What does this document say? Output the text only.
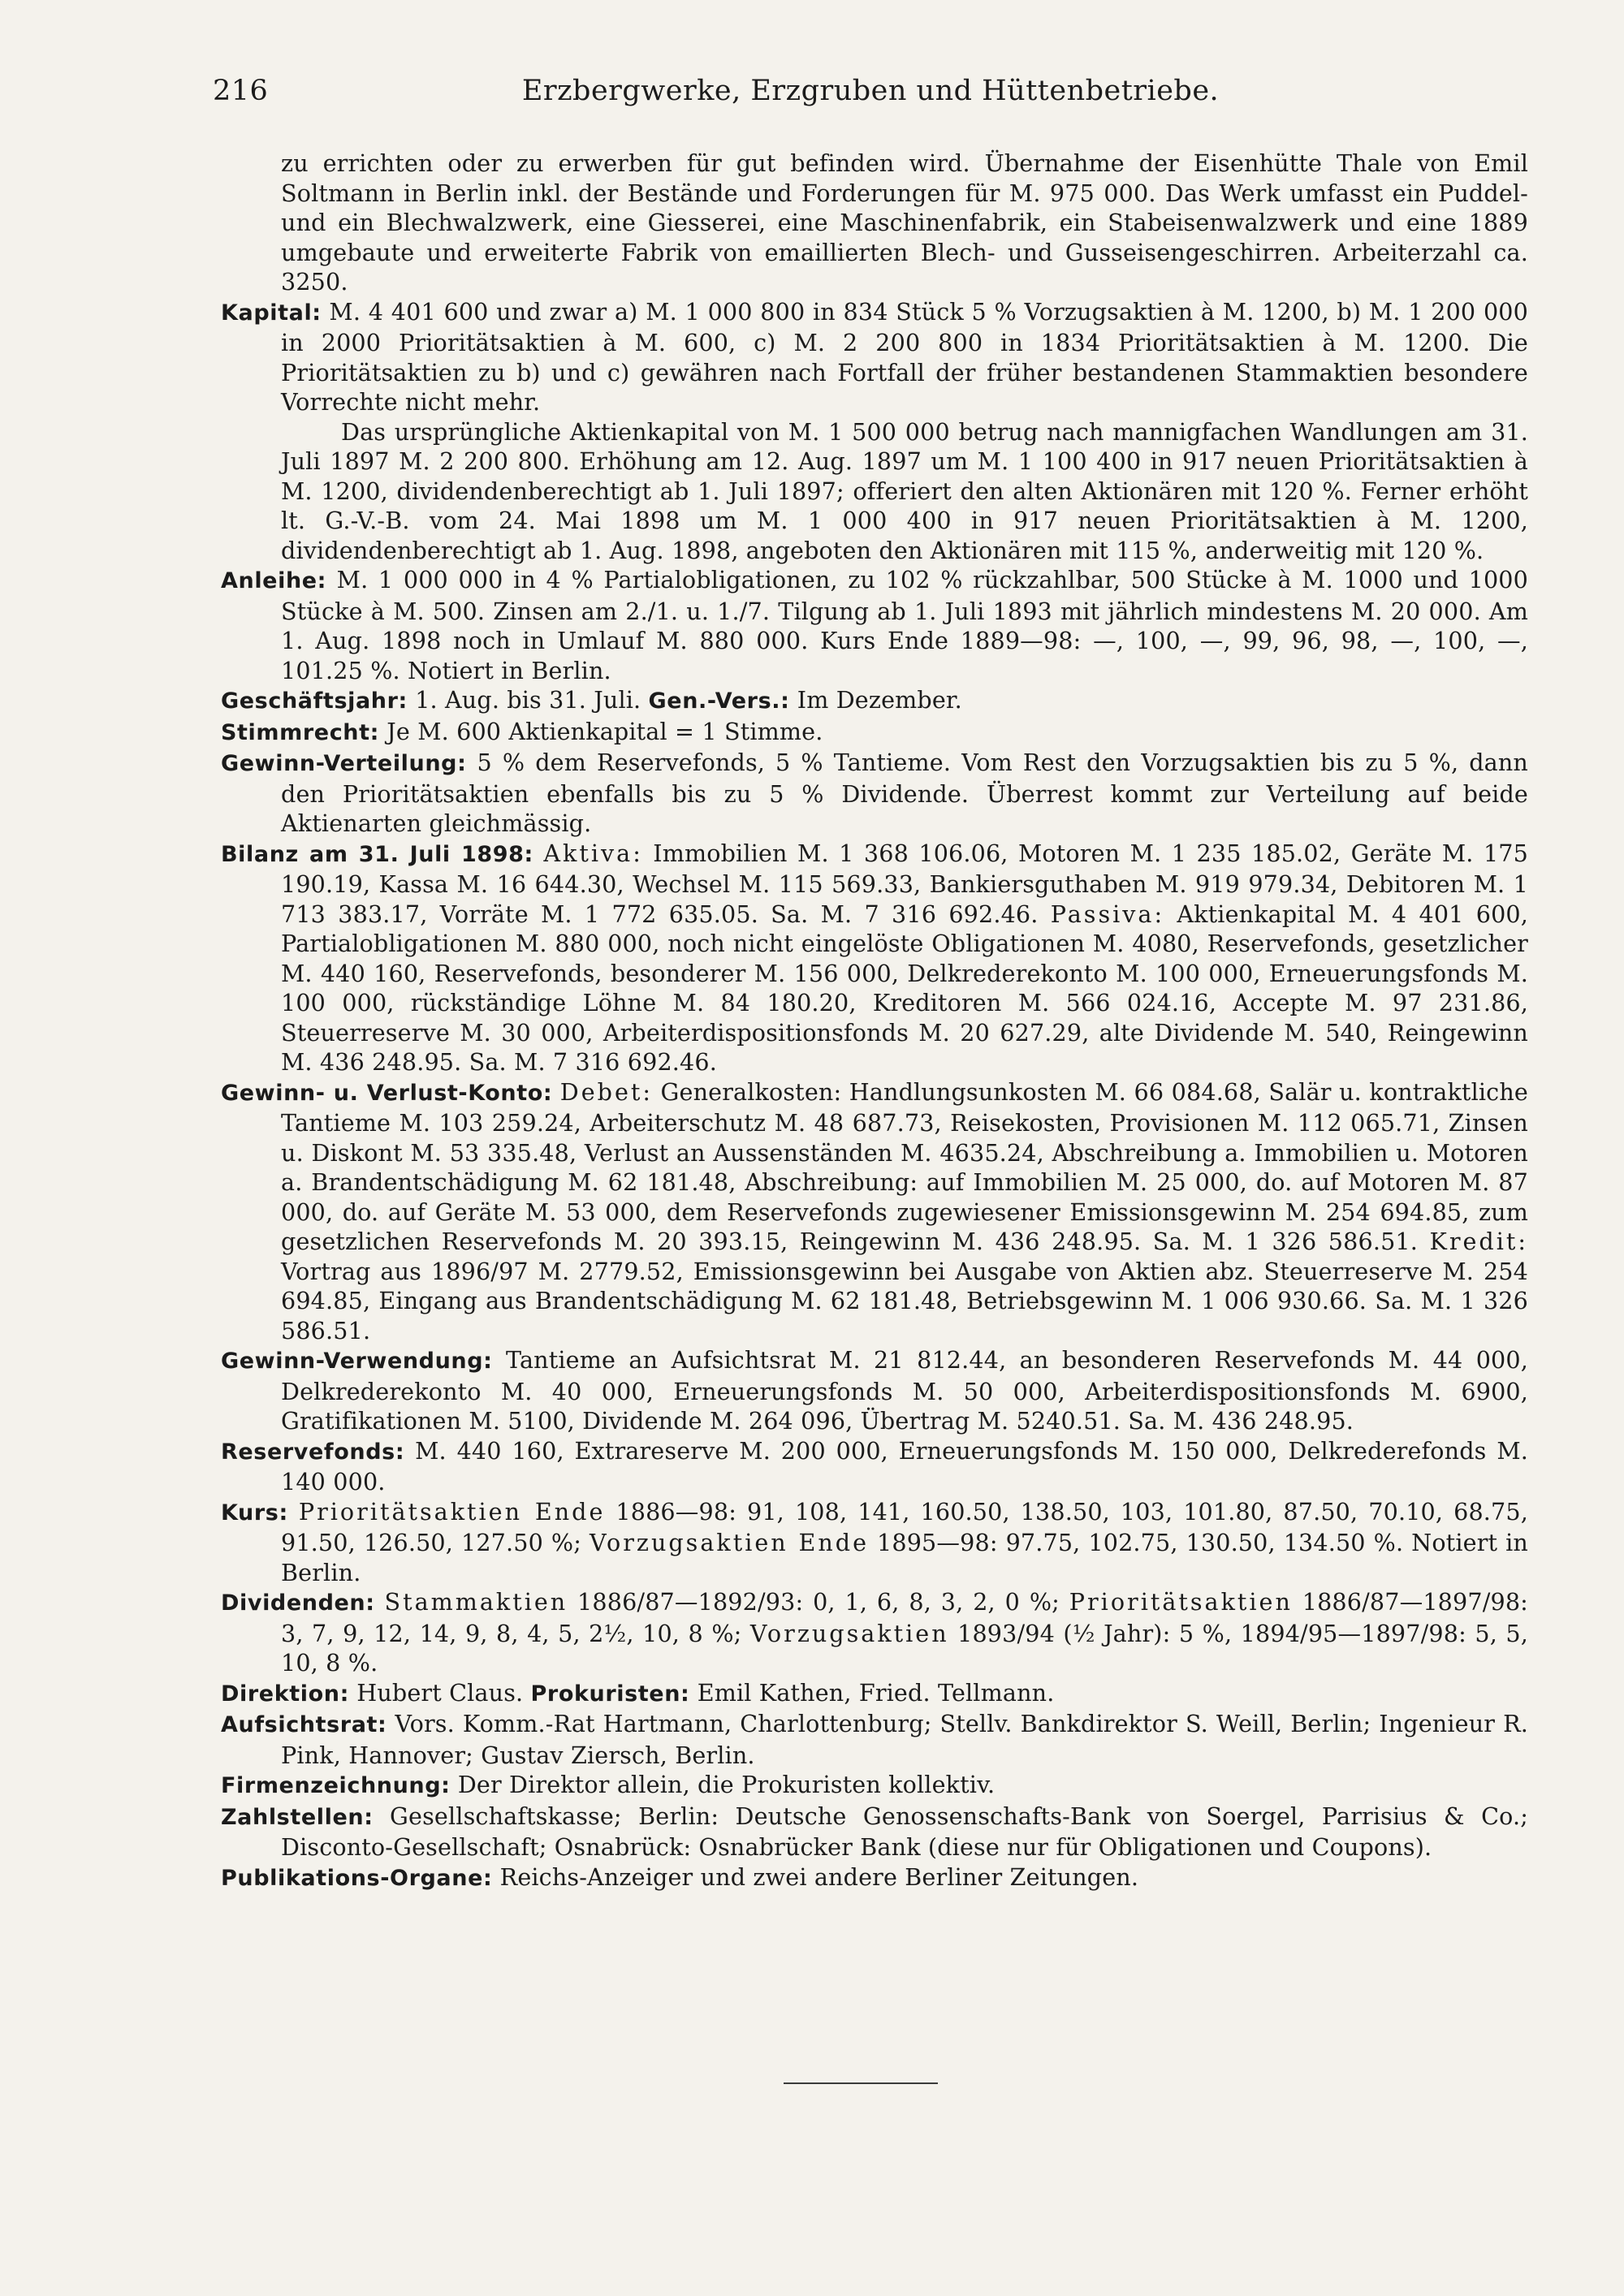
216	Erzbergwerke, Erzgruben und Hüttenbetriebe.

zu errichten oder zu erwerben für gut befinden wird. Übernahme der Eisenhütte Thale von Emil Soltmann in Berlin inkl. der Bestände und Forderungen für M. 975 000. Das Werk umfasst ein Puddel- und ein Blechwalzwerk, eine Giesserei, eine Maschinenfabrik, ein Stabeisenwalzwerk und eine 1889 umgebaute und erweiterte Fabrik von emaillierten Blech- und Gusseisengeschirren. Arbeiterzahl ca. 3250.

Kapital: M. 4 401 600 und zwar a) M. 1 000 800 in 834 Stück 5 % Vorzugsaktien à M. 1200, b) M. 1 200 000 in 2000 Prioritätsaktien à M. 600, c) M. 2 200 800 in 1834 Prioritätsaktien à M. 1200. Die Prioritätsaktien zu b) und c) gewähren nach Fortfall der früher bestandenen Stammaktien besondere Vorrechte nicht mehr.

Das ursprüngliche Aktienkapital von M. 1 500 000 betrug nach mannigfachen Wandlungen am 31. Juli 1897 M. 2 200 800. Erhöhung am 12. Aug. 1897 um M. 1 100 400 in 917 neuen Prioritätsaktien à M. 1200, dividendenberechtigt ab 1. Juli 1897; offeriert den alten Aktionären mit 120 %. Ferner erhöht lt. G.-V.-B. vom 24. Mai 1898 um M. 1 000 400 in 917 neuen Prioritätsaktien à M. 1200, dividendenberechtigt ab 1. Aug. 1898, angeboten den Aktionären mit 115 %, anderweitig mit 120 %.

Anleihe: M. 1 000 000 in 4 % Partialobligationen, zu 102 % rückzahlbar, 500 Stücke à M. 1000 und 1000 Stücke à M. 500. Zinsen am 2./1. u. 1./7. Tilgung ab 1. Juli 1893 mit jährlich mindestens M. 20 000. Am 1. Aug. 1898 noch in Umlauf M. 880 000. Kurs Ende 1889—98: —, 100, —, 99, 96, 98, —, 100, —, 101.25 %. Notiert in Berlin.

Geschäftsjahr: 1. Aug. bis 31. Juli. Gen.-Vers.: Im Dezember.

Stimmrecht: Je M. 600 Aktienkapital = 1 Stimme.

Gewinn-Verteilung: 5 % dem Reservefonds, 5 % Tantieme. Vom Rest den Vorzugsaktien bis zu 5 %, dann den Prioritätsaktien ebenfalls bis zu 5 % Dividende. Überrest kommt zur Verteilung auf beide Aktienarten gleichmässig.

Bilanz am 31. Juli 1898: Aktiva: Immobilien M. 1 368 106.06, Motoren M. 1 235 185.02, Geräte M. 175 190.19, Kassa M. 16 644.30, Wechsel M. 115 569.33, Bankiersguthaben M. 919 979.34, Debitoren M. 1 713 383.17, Vorräte M. 1 772 635.05. Sa. M. 7 316 692.46. Passiva: Aktienkapital M. 4 401 600, Partialobligationen M. 880 000, noch nicht eingelöste Obligationen M. 4080, Reservefonds, gesetzlicher M. 440 160, Reservefonds, besonderer M. 156 000, Delkrederekonto M. 100 000, Erneuerungsfonds M. 100 000, rückständige Löhne M. 84 180.20, Kreditoren M. 566 024.16, Accepte M. 97 231.86, Steuerreserve M. 30 000, Arbeiterdispositionsfonds M. 20 627.29, alte Dividende M. 540, Reingewinn M. 436 248.95. Sa. M. 7 316 692.46.

Gewinn- u. Verlust-Konto: Debet: Generalkosten: Handlungsunkosten M. 66 084.68, Salär u. kontraktliche Tantieme M. 103 259.24, Arbeiterschutz M. 48 687.73, Reisekosten, Provisionen M. 112 065.71, Zinsen u. Diskont M. 53 335.48, Verlust an Aussenständen M. 4635.24, Abschreibung a. Immobilien u. Motoren a. Brandentschädigung M. 62 181.48, Abschreibung: auf Immobilien M. 25 000, do. auf Motoren M. 87 000, do. auf Geräte M. 53 000, dem Reservefonds zugewiesener Emissionsgewinn M. 254 694.85, zum gesetzlichen Reservefonds M. 20 393.15, Reingewinn M. 436 248.95. Sa. M. 1 326 586.51. Kredit: Vortrag aus 1896/97 M. 2779.52, Emissionsgewinn bei Ausgabe von Aktien abz. Steuerreserve M. 254 694.85, Eingang aus Brandentschädigung M. 62 181.48, Betriebsgewinn M. 1 006 930.66. Sa. M. 1 326 586.51.

Gewinn-Verwendung: Tantieme an Aufsichtsrat M. 21 812.44, an besonderen Reservefonds M. 44 000, Delkrederekonto M. 40 000, Erneuerungsfonds M. 50 000, Arbeiterdispositionsfonds M. 6900, Gratifikationen M. 5100, Dividende M. 264 096, Übertrag M. 5240.51. Sa. M. 436 248.95.

Reservefonds: M. 440 160, Extrareserve M. 200 000, Erneuerungsfonds M. 150 000, Delkrederefonds M. 140 000.

Kurs: Prioritätsaktien Ende 1886—98: 91, 108, 141, 160.50, 138.50, 103, 101.80, 87.50, 70.10, 68.75, 91.50, 126.50, 127.50 %; Vorzugsaktien Ende 1895—98: 97.75, 102.75, 130.50, 134.50 %. Notiert in Berlin.

Dividenden: Stammaktien 1886/87—1892/93: 0, 1, 6, 8, 3, 2, 0 %; Prioritätsaktien 1886/87—1897/98: 3, 7, 9, 12, 14, 9, 8, 4, 5, 2½, 10, 8 %; Vorzugsaktien 1893/94 (½ Jahr): 5 %, 1894/95—1897/98: 5, 5, 10, 8 %.

Direktion: Hubert Claus. Prokuristen: Emil Kathen, Fried. Tellmann.

Aufsichtsrat: Vors. Komm.-Rat Hartmann, Charlottenburg; Stellv. Bankdirektor S. Weill, Berlin; Ingenieur R. Pink, Hannover; Gustav Ziersch, Berlin.

Firmenzeichnung: Der Direktor allein, die Prokuristen kollektiv.

Zahlstellen: Gesellschaftskasse; Berlin: Deutsche Genossenschafts-Bank von Soergel, Parrisius & Co.; Disconto-Gesellschaft; Osnabrück: Osnabrücker Bank (diese nur für Obligationen und Coupons).

Publikations-Organe: Reichs-Anzeiger und zwei andere Berliner Zeitungen.
